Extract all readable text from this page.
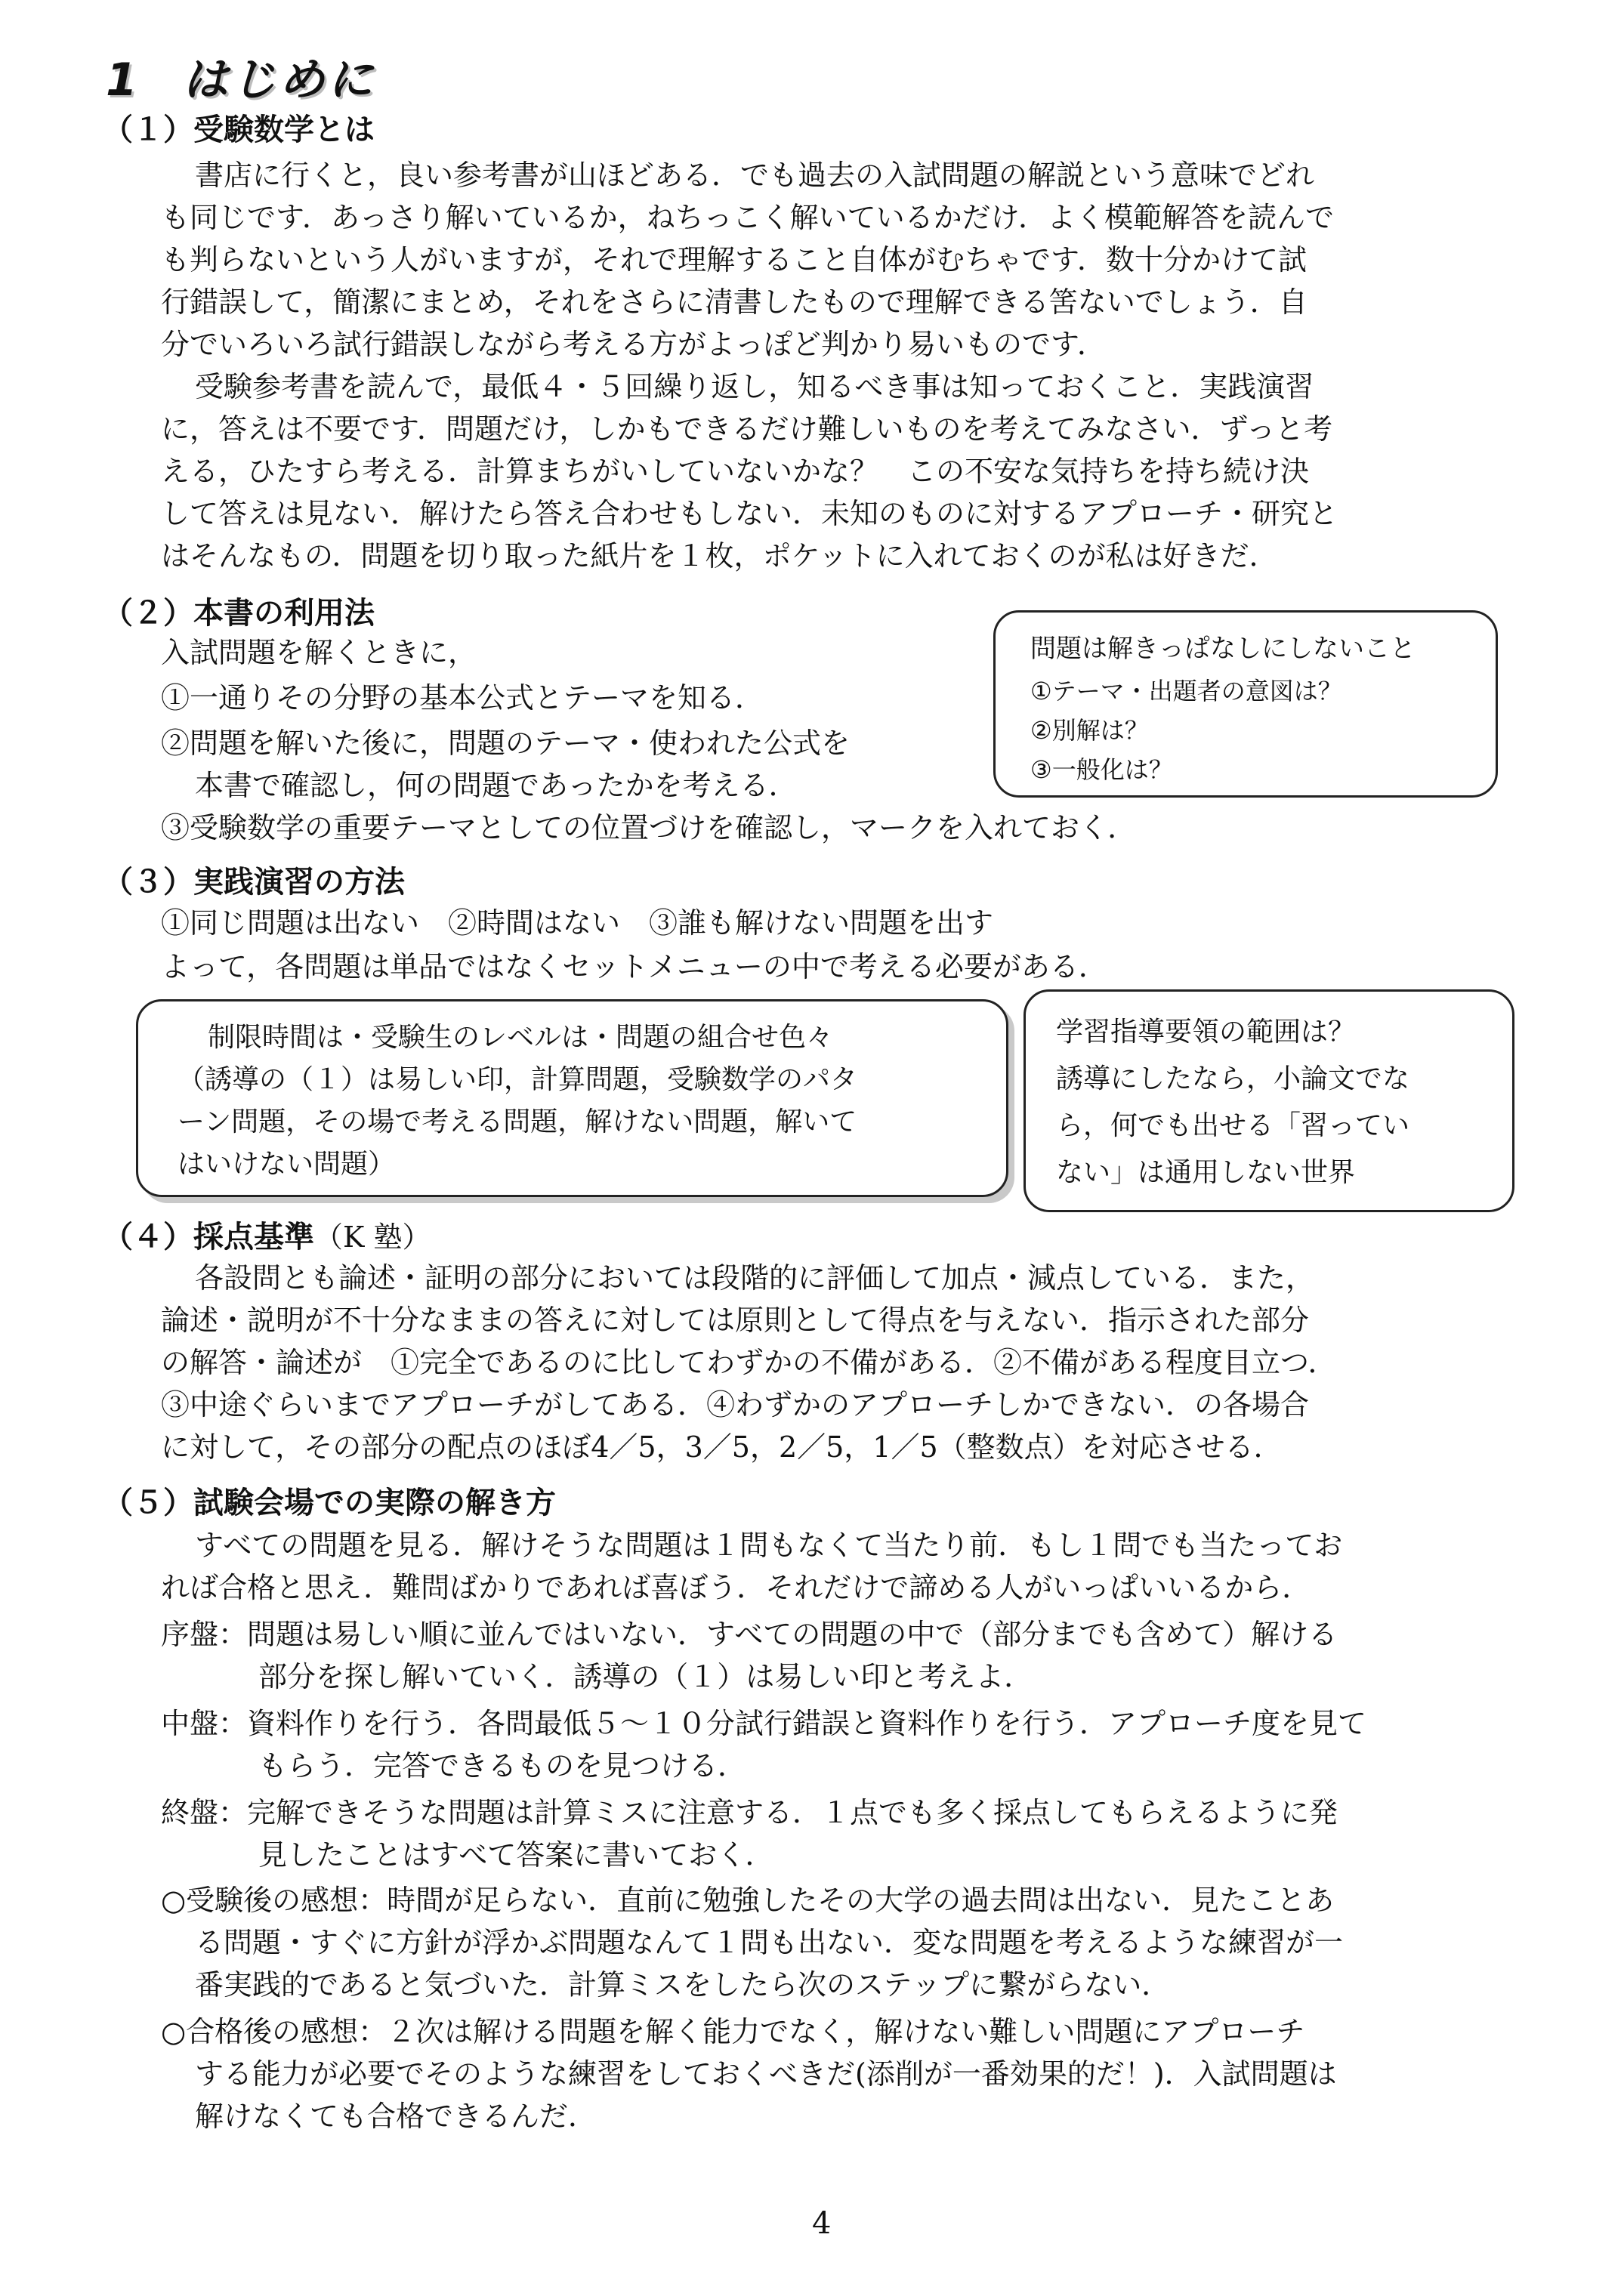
1 はじめに
（１）受験数学とは
書店に行くと，良い参考書が山ほどある．でも過去の入試問題の解説という意味でどれ
も同じです．あっさり解いているか，ねちっこく解いているかだけ．よく模範解答を読んで
も判らないという人がいますが，それで理解すること自体がむちゃです．数十分かけて試
行錯誤して，簡潔にまとめ，それをさらに清書したもので理解できる筈ないでしょう．自
分でいろいろ試行錯誤しながら考える方がよっぽど判かり易いものです．
受験参考書を読んで，最低４・５回繰り返し，知るべき事は知っておくこと．実践演習
に，答えは不要です．問題だけ，しかもできるだけ難しいものを考えてみなさい．ずっと考
える，ひたすら考える．計算まちがいしていないかな？　この不安な気持ちを持ち続け決
して答えは見ない．解けたら答え合わせもしない．未知のものに対するアプローチ・研究と
はそんなもの．問題を切り取った紙片を１枚，ポケットに入れておくのが私は好きだ．
（２）本書の利用法
入試問題を解くときに，
①一通りその分野の基本公式とテーマを知る．
②問題を解いた後に，問題のテーマ・使われた公式を
本書で確認し，何の問題であったかを考える．
③受験数学の重要テーマとしての位置づけを確認し，マークを入れておく．
問題は解きっぱなしにしないこと
①テーマ・出題者の意図は？
②別解は？
③一般化は？
（３）実践演習の方法
①同じ問題は出ない　②時間はない　③誰も解けない問題を出す
よって，各問題は単品ではなくセットメニューの中で考える必要がある．
制限時間は・受験生のレベルは・問題の組合せ色々
（誘導の（１）は易しい印，計算問題，受験数学のパタ
ーン問題，その場で考える問題，解けない問題，解いて
はいけない問題）
学習指導要領の範囲は？
誘導にしたなら，小論文でな
ら，何でも出せる「習ってい
ない」は通用しない世界
（４）採点基準（K 塾）
各設問とも論述・証明の部分においては段階的に評価して加点・減点している．また，
論述・説明が不十分なままの答えに対しては原則として得点を与えない．指示された部分
の解答・論述が　①完全であるのに比してわずかの不備がある．②不備がある程度目立つ．
③中途ぐらいまでアプローチがしてある．④わずかのアプローチしかできない．の各場合
に対して，その部分の配点のほぼ4／5，3／5，2／5，1／5（整数点）を対応させる．
（５）試験会場での実際の解き方
すべての問題を見る．解けそうな問題は１問もなくて当たり前．もし１問でも当たってお
れば合格と思え．難問ばかりであれば喜ぼう．それだけで諦める人がいっぱいいるから．
序盤：問題は易しい順に並んではいない．すべての問題の中で（部分までも含めて）解ける
部分を探し解いていく．誘導の（１）は易しい印と考えよ．
中盤：資料作りを行う．各問最低５～１０分試行錯誤と資料作りを行う．アプローチ度を見て
もらう．完答できるものを見つける．
終盤：完解できそうな問題は計算ミスに注意する．１点でも多く採点してもらえるように発
見したことはすべて答案に書いておく．
○受験後の感想：時間が足らない．直前に勉強したその大学の過去問は出ない．見たことあ
る問題・すぐに方針が浮かぶ問題なんて１問も出ない．変な問題を考えるような練習が一
番実践的であると気づいた．計算ミスをしたら次のステップに繋がらない．
○合格後の感想：２次は解ける問題を解く能力でなく，解けない難しい問題にアプローチ
する能力が必要でそのような練習をしておくべきだ(添削が一番効果的だ！)．入試問題は
解けなくても合格できるんだ．
4
